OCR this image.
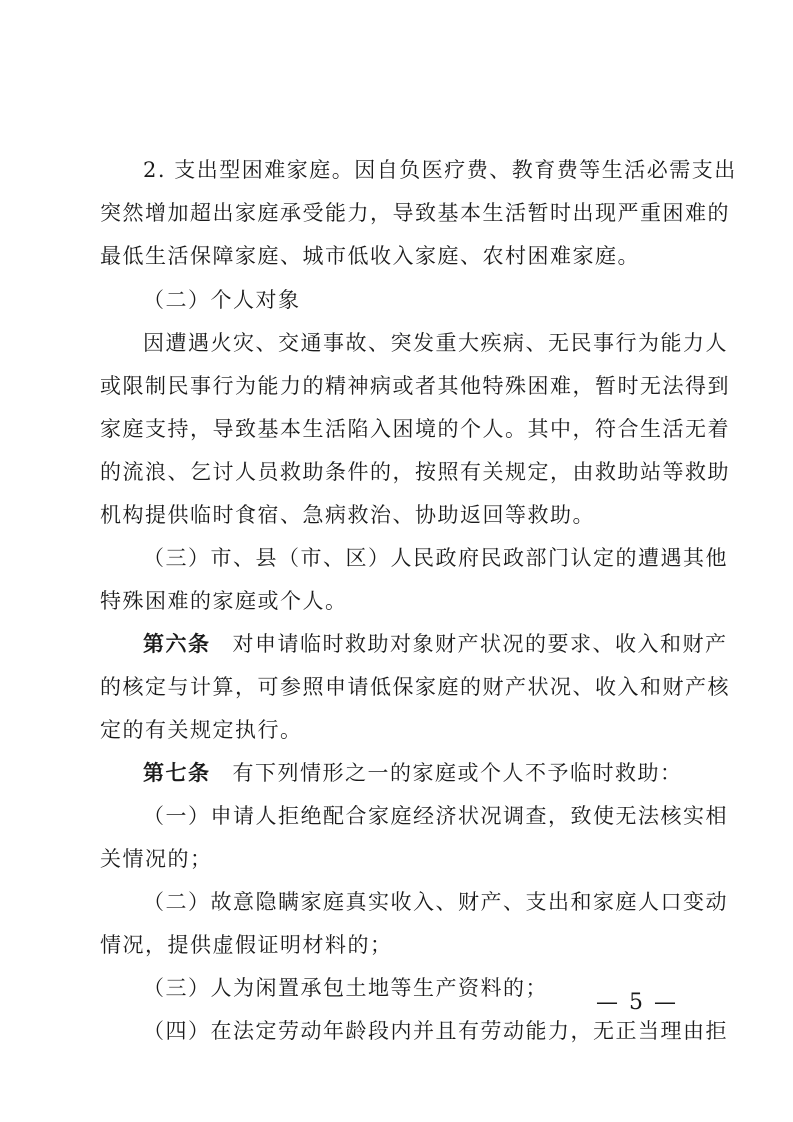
2. 支出型困难家庭。因自负医疗费、教育费等生活必需支出
突然增加超出家庭承受能力，导致基本生活暂时出现严重困难的
最低生活保障家庭、城市低收入家庭、农村困难家庭。
（二）个人对象
因遭遇火灾、交通事故、突发重大疾病、无民事行为能力人
或限制民事行为能力的精神病或者其他特殊困难，暂时无法得到
家庭支持，导致基本生活陷入困境的个人。其中，符合生活无着
的流浪、乞讨人员救助条件的，按照有关规定，由救助站等救助
机构提供临时食宿、急病救治、协助返回等救助。
（三）市、县（市、区）人民政府民政部门认定的遭遇其他
特殊困难的家庭或个人。
第六条 对申请临时救助对象财产状况的要求、收入和财产
的核定与计算，可参照申请低保家庭的财产状况、收入和财产核
定的有关规定执行。
第七条 有下列情形之一的家庭或个人不予临时救助：
（一）申请人拒绝配合家庭经济状况调查，致使无法核实相
关情况的；
（二）故意隐瞒家庭真实收入、财产、支出和家庭人口变动
情况，提供虚假证明材料的；
（三）人为闲置承包土地等生产资料的；
（四）在法定劳动年龄段内并且有劳动能力，无正当理由拒
— 5 —
